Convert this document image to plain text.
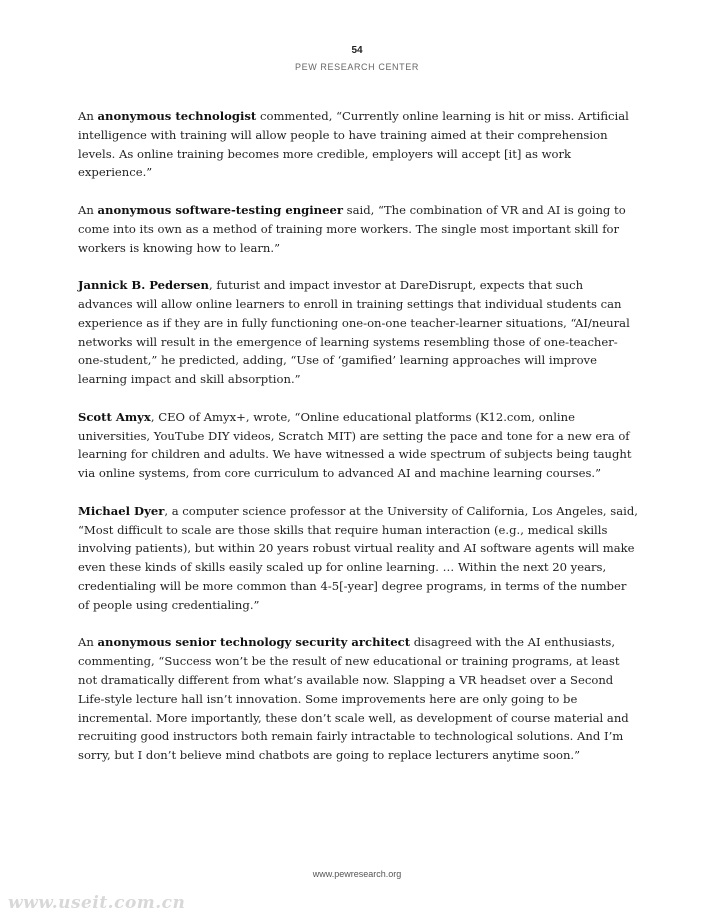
54
PEW RESEARCH CENTER

An anonymous technologist commented, “Currently online learning is hit or miss. Artificial intelligence with training will allow people to have training aimed at their comprehension levels. As online training becomes more credible, employers will accept [it] as work experience.”

An anonymous software-testing engineer said, “The combination of VR and AI is going to come into its own as a method of training more workers. The single most important skill for workers is knowing how to learn.”

Jannick B. Pedersen, futurist and impact investor at DareDisrupt, expects that such advances will allow online learners to enroll in training settings that individual students can experience as if they are in fully functioning one-on-one teacher-learner situations, “AI/neural networks will result in the emergence of learning systems resembling those of one-teacher-one-student,” he predicted, adding, “Use of ‘gamified’ learning approaches will improve learning impact and skill absorption.”

Scott Amyx, CEO of Amyx+, wrote, “Online educational platforms (K12.com, online universities, YouTube DIY videos, Scratch MIT) are setting the pace and tone for a new era of learning for children and adults. We have witnessed a wide spectrum of subjects being taught via online systems, from core curriculum to advanced AI and machine learning courses.”

Michael Dyer, a computer science professor at the University of California, Los Angeles, said, “Most difficult to scale are those skills that require human interaction (e.g., medical skills involving patients), but within 20 years robust virtual reality and AI software agents will make even these kinds of skills easily scaled up for online learning. … Within the next 20 years, credentialing will be more common than 4-5[-year] degree programs, in terms of the number of people using credentialing.”

An anonymous senior technology security architect disagreed with the AI enthusiasts, commenting, “Success won’t be the result of new educational or training programs, at least not dramatically different from what’s available now. Slapping a VR headset over a Second Life-style lecture hall isn’t innovation. Some improvements here are only going to be incremental. More importantly, these don’t scale well, as development of course material and recruiting good instructors both remain fairly intractable to technological solutions. And I’m sorry, but I don’t believe mind chatbots are going to replace lecturers anytime soon.”

www.pewresearch.org
www.useit.com.cn
